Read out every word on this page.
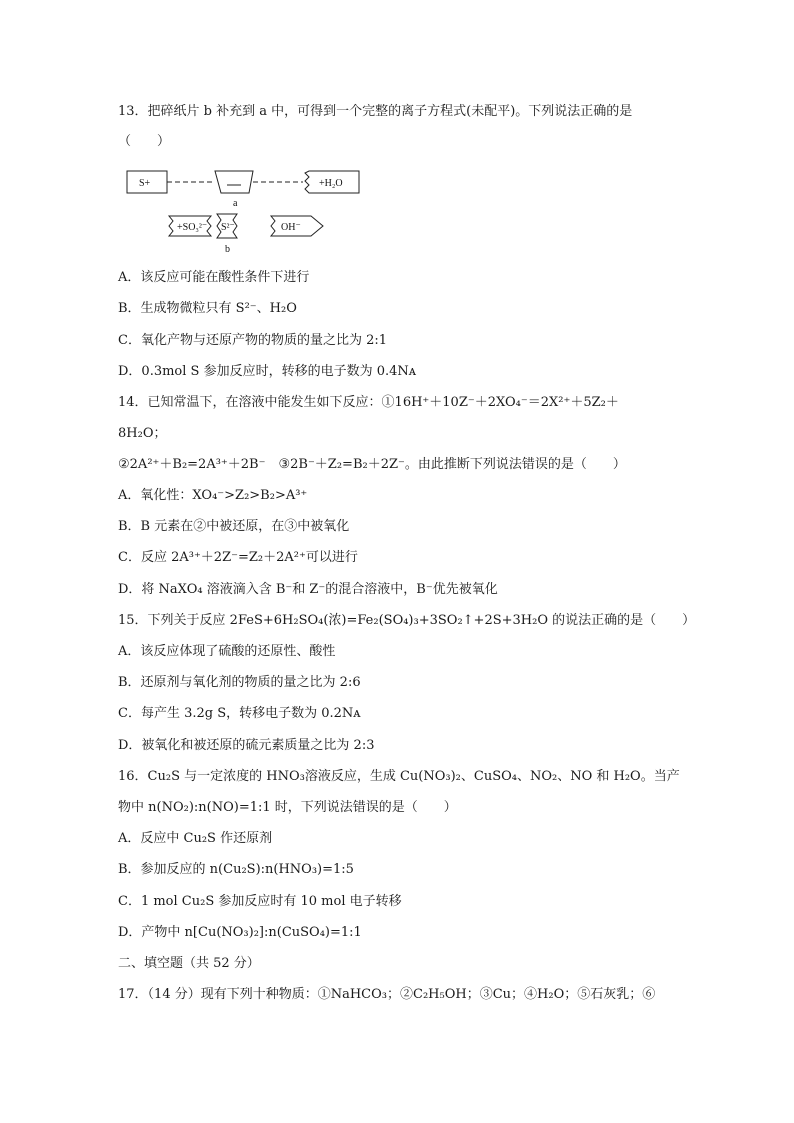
13．把碎纸片 b 补充到 a 中，可得到一个完整的离子方程式(未配平)。下列说法正确的是
（　　）
S+
a
+H₂O
+SO₃²⁻ S²⁻
b
OH⁻
A．该反应可能在酸性条件下进行
B．生成物微粒只有 S²⁻、H₂O
C．氧化产物与还原产物的物质的量之比为 2:1
D．0.3mol S 参加反应时，转移的电子数为 0.4Nᴀ
14．已知常温下，在溶液中能发生如下反应：①16H⁺＋10Z⁻＋2XO₄⁻＝2X²⁺＋5Z₂＋
8H₂O；
②2A²⁺＋B₂=2A³⁺＋2B⁻　③2B⁻＋Z₂=B₂＋2Z⁻。由此推断下列说法错误的是（　　）
A．氧化性：XO₄⁻>Z₂>B₂>A³⁺
B．B 元素在②中被还原，在③中被氧化
C．反应 2A³⁺＋2Z⁻=Z₂＋2A²⁺可以进行
D．将 NaXO₄ 溶液滴入含 B⁻和 Z⁻的混合溶液中，B⁻优先被氧化
15．下列关于反应 2FeS+6H₂SO₄(浓)=Fe₂(SO₄)₃+3SO₂↑+2S+3H₂O 的说法正确的是（　　）
A．该反应体现了硫酸的还原性、酸性
B．还原剂与氧化剂的物质的量之比为 2:6
C．每产生 3.2g S，转移电子数为 0.2Nᴀ
D．被氧化和被还原的硫元素质量之比为 2:3
16．Cu₂S 与一定浓度的 HNO₃溶液反应，生成 Cu(NO₃)₂、CuSO₄、NO₂、NO 和 H₂O。当产
物中 n(NO₂):n(NO)=1:1 时，下列说法错误的是（　　）
A．反应中 Cu₂S 作还原剂
B．参加反应的 n(Cu₂S):n(HNO₃)=1:5
C．1 mol Cu₂S 参加反应时有 10 mol 电子转移
D．产物中 n[Cu(NO₃)₂]:n(CuSO₄)=1:1
二、填空题（共 52 分）
17．（14 分）现有下列十种物质：①NaHCO₃；②C₂H₅OH；③Cu；④H₂O；⑤石灰乳；⑥
